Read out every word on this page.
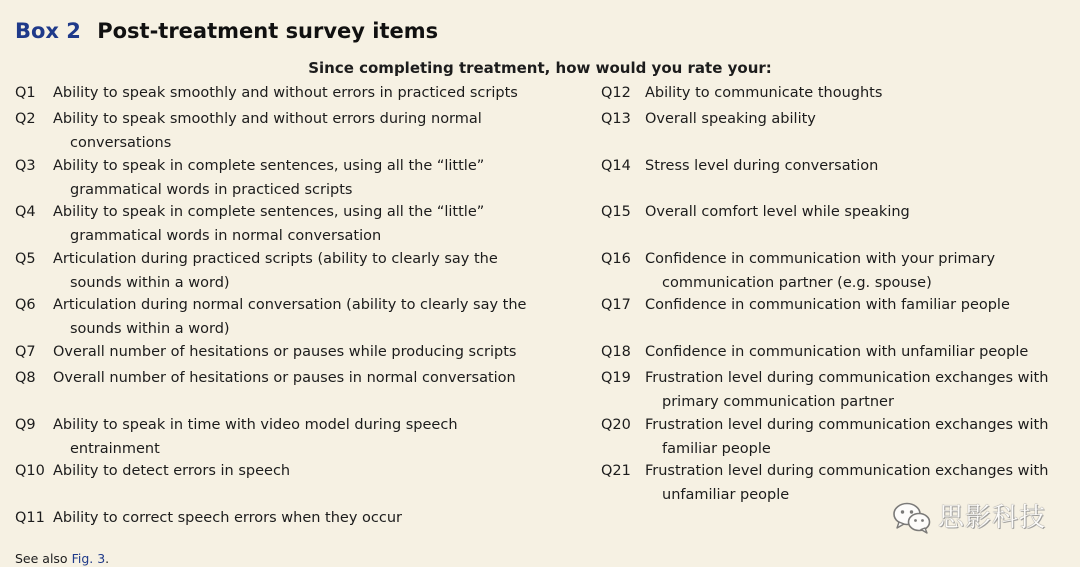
Box 2 Post-treatment survey items
Since completing treatment, how would you rate your:
Q1 Ability to speak smoothly and without errors in practiced scripts
Q2 Ability to speak smoothly and without errors during normal
conversations
Q3 Ability to speak in complete sentences, using all the “little”
grammatical words in practiced scripts
Q4 Ability to speak in complete sentences, using all the “little”
grammatical words in normal conversation
Q5 Articulation during practiced scripts (ability to clearly say the
sounds within a word)
Q6 Articulation during normal conversation (ability to clearly say the
sounds within a word)
Q7 Overall number of hesitations or pauses while producing scripts
Q8 Overall number of hesitations or pauses in normal conversation
Q9 Ability to speak in time with video model during speech
entrainment
Q10 Ability to detect errors in speech
Q11 Ability to correct speech errors when they occur
Q12 Ability to communicate thoughts
Q13 Overall speaking ability
Q14 Stress level during conversation
Q15 Overall comfort level while speaking
Q16 Confidence in communication with your primary
communication partner (e.g. spouse)
Q17 Confidence in communication with familiar people
Q18 Confidence in communication with unfamiliar people
Q19 Frustration level during communication exchanges with
primary communication partner
Q20 Frustration level during communication exchanges with
familiar people
Q21 Frustration level during communication exchanges with
unfamiliar people
See also Fig. 3.
思影科技
